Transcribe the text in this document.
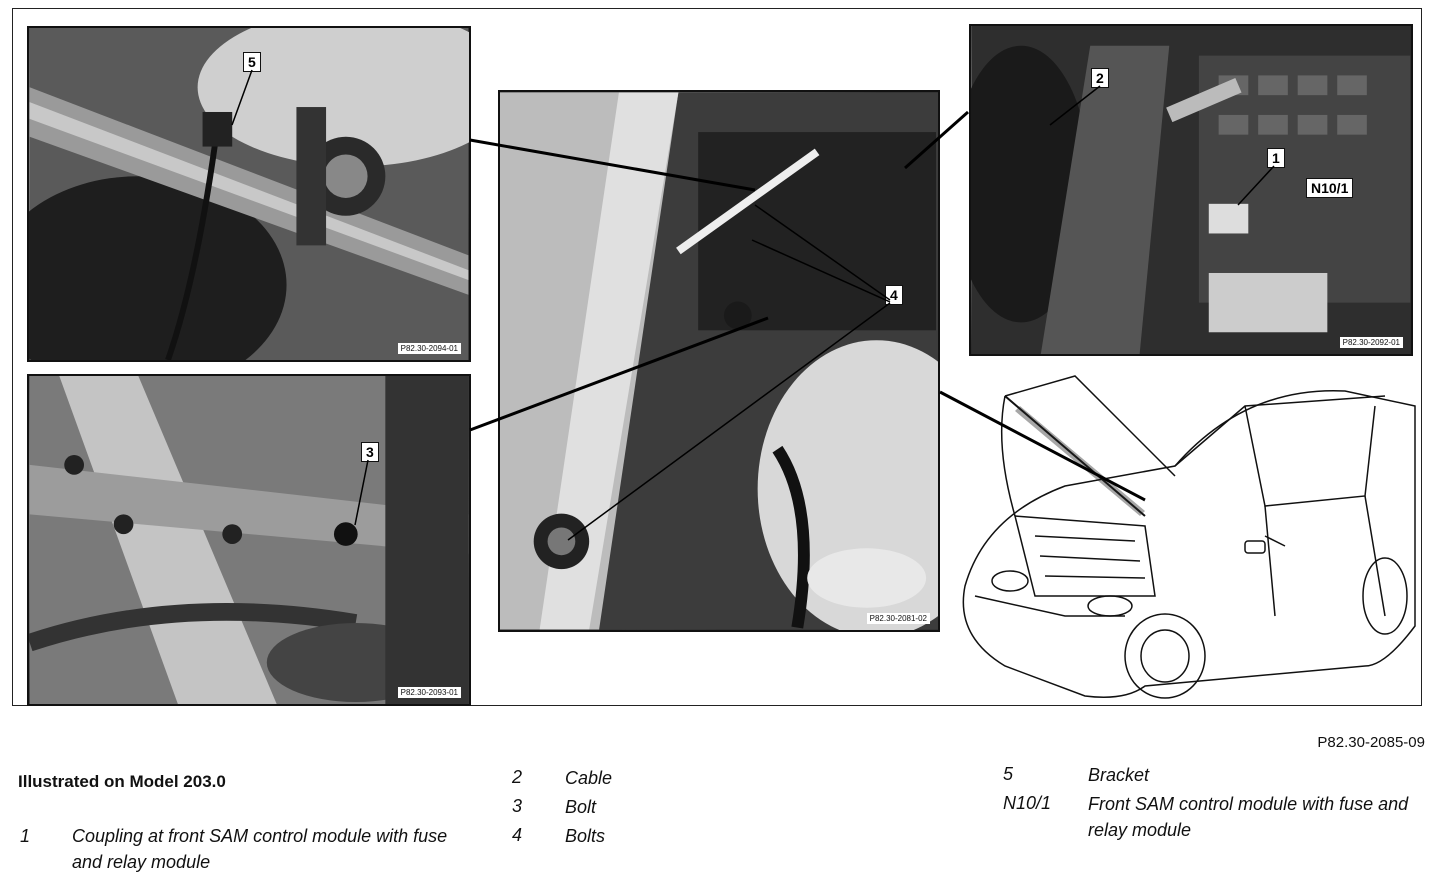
P82.30-2094-01
P82.30-2093-01
P82.30-2081-02
P82.30-2092-01
5
3
4
2
1
N10/1
P82.30-2085-09
Illustrated on Model 203.0
1 Coupling at front SAM control module with fuse and relay module
2 Cable
3 Bolt
4 Bolts
5	Bracket
N10/1 Front SAM control module with fuse and relay module
